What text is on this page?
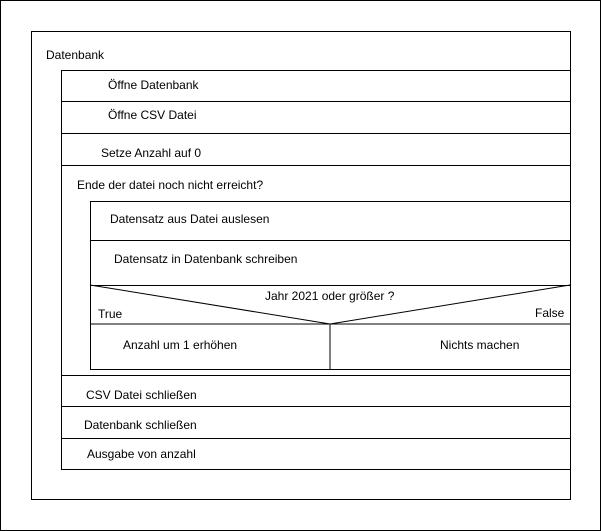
Datenbank
Öffne Datenbank
Öffne CSV Datei
Setze Anzahl auf 0
Ende der datei noch nicht erreicht?
Datensatz aus Datei auslesen
Datensatz in Datenbank schreiben
Jahr 2021 oder größer ?
True	False
Anzahl um 1 erhöhen	Nichts machen
CSV Datei schließen
Datenbank schließen
Ausgabe von anzahl
